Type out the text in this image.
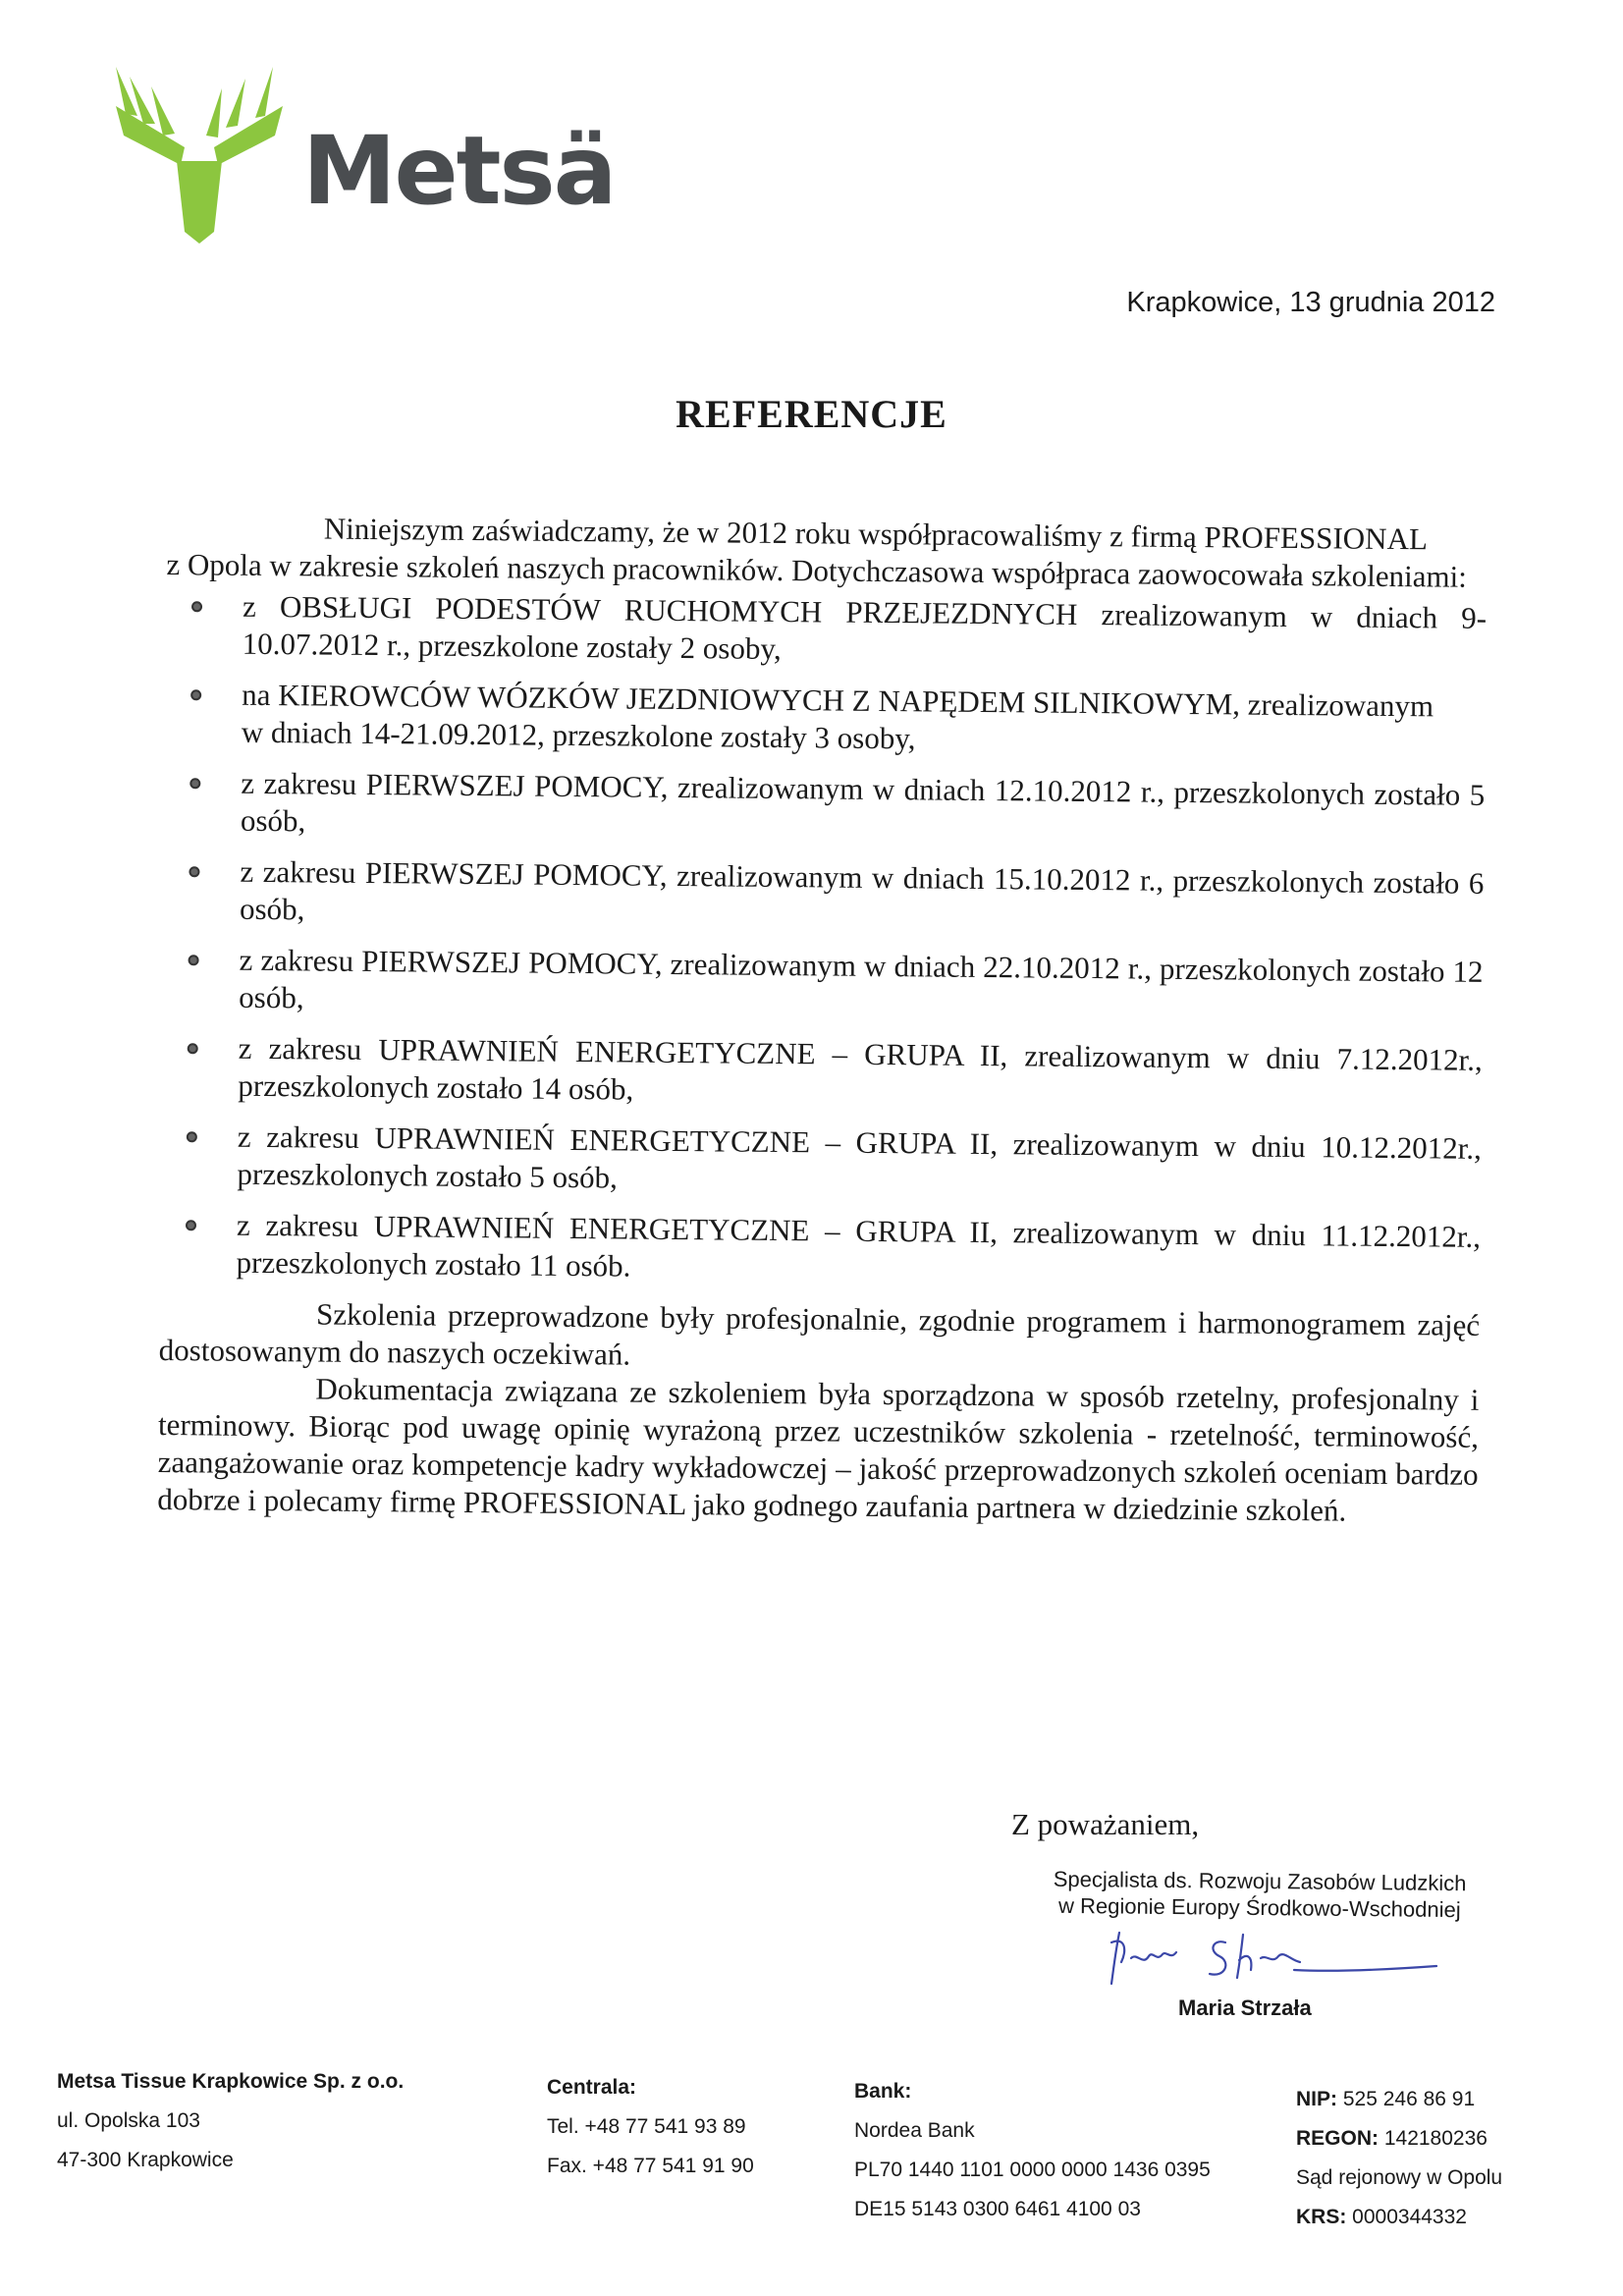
Metsä
Krapkowice, 13 grudnia 2012
REFERENCJE

Niniejszym zaświadczamy, że w 2012 roku współpracowaliśmy z firmą PROFESSIONAL

z Opola w zakresie szkoleń naszych pracowników. Dotychczasowa współpraca zaowocowała szkoleniami:

z OBSŁUGI PODESTÓW RUCHOMYCH PRZEJEZDNYCH zrealizowanym w dniach 9-10.07.2012 r., przeszkolone zostały 2 osoby,
na KIEROWCÓW WÓZKÓW JEZDNIOWYCH Z NAPĘDEM SILNIKOWYM, zrealizowanym
w dniach 14-21.09.2012, przeszkolone zostały 3 osoby,
z zakresu PIERWSZEJ POMOCY, zrealizowanym w dniach 12.10.2012 r., przeszkolonych zostało 5 osób,
z zakresu PIERWSZEJ POMOCY, zrealizowanym w dniach 15.10.2012 r., przeszkolonych zostało 6 osób,
z zakresu PIERWSZEJ POMOCY, zrealizowanym w dniach 22.10.2012 r., przeszkolonych zostało 12 osób,
z zakresu UPRAWNIEŃ ENERGETYCZNE – GRUPA II, zrealizowanym w dniu 7.12.2012r., przeszkolonych zostało 14 osób,
z zakresu UPRAWNIEŃ ENERGETYCZNE – GRUPA II, zrealizowanym w dniu 10.12.2012r., przeszkolonych zostało 5 osób,
z zakresu UPRAWNIEŃ ENERGETYCZNE – GRUPA II, zrealizowanym w dniu 11.12.2012r., przeszkolonych zostało 11 osób.

Szkolenia przeprowadzone były profesjonalnie, zgodnie programem i harmonogramem zajęć dostosowanym do naszych oczekiwań.

Dokumentacja związana ze szkoleniem była sporządzona w sposób rzetelny, profesjonalny i terminowy. Biorąc pod uwagę opinię wyrażoną przez uczestników szkolenia - rzetelność, terminowość, zaangażowanie oraz kompetencje kadry wykładowczej – jakość przeprowadzonych szkoleń oceniam bardzo dobrze i polecamy firmę PROFESSIONAL jako godnego zaufania partnera w dziedzinie szkoleń.

Z poważaniem,
Specjalista ds. Rozwoju Zasobów Ludzkich
w Regionie Europy Środkowo-Wschodniej
Maria Strzała
Metsa Tissue Krapkowice Sp. z o.o.
ul. Opolska 103
47-300 Krapkowice
Centrala:
Tel. +48 77 541 93 89
Fax. +48 77 541 91 90
Bank:
Nordea Bank
PL70 1440 1101 0000 0000 1436 0395
DE15 5143 0300 6461 4100 03
NIP: 525 246 86 91
REGON: 142180236
Sąd rejonowy w Opolu
KRS: 0000344332
